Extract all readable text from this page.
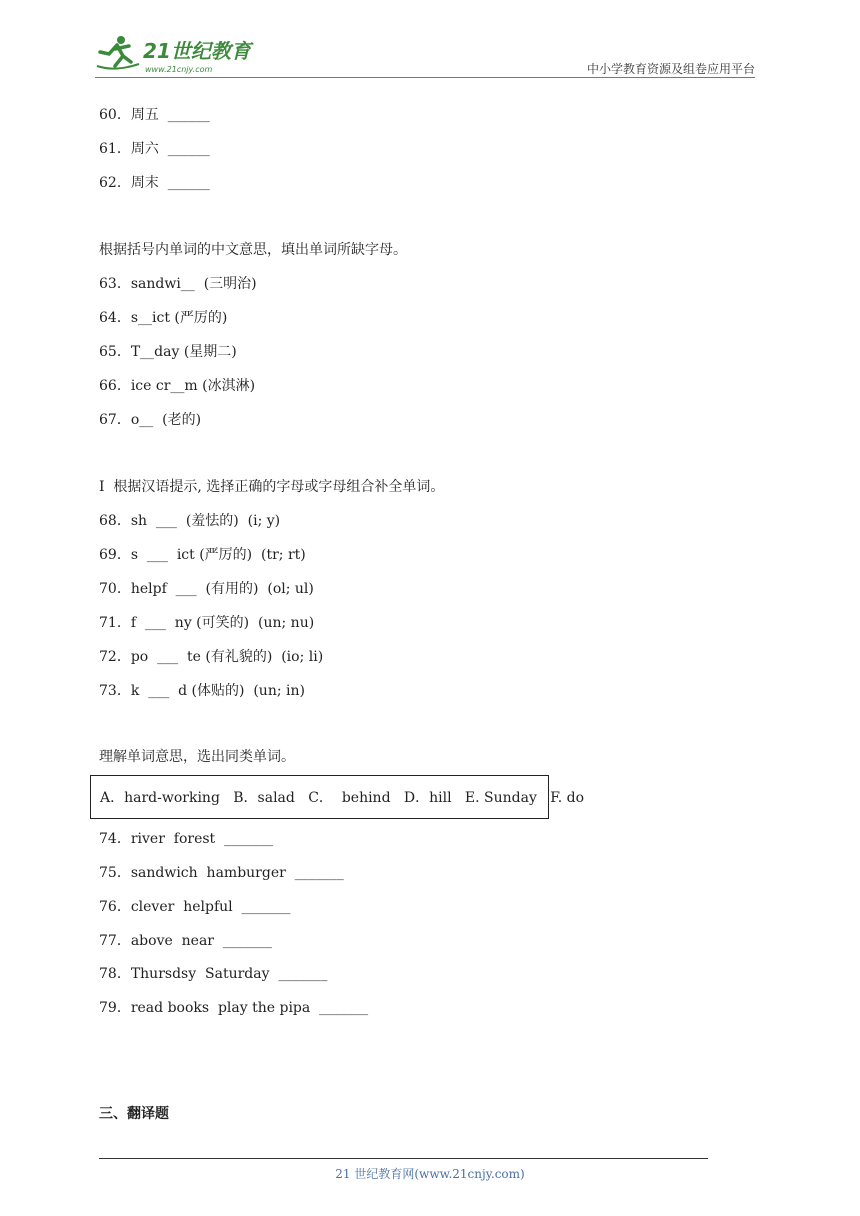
21世纪教育
www.21cnjy.com	中小学教育资源及组卷应用平台
60．周五  ______
61．周六  ______
62．周末  ______
根据括号内单词的中文意思，填出单词所缺字母。
63．sandwi__  (三明治)
64．s__ict (严厉的)
65．T__day (星期二)
66．ice cr__m (冰淇淋)
67．o__  (老的)
I  根据汉语提示, 选择正确的字母或字母组合补全单词。
68．sh  ___  (羞怯的)  (i; y)
69．s  ___  ict (严厉的)  (tr; rt)
70．helpf  ___  (有用的)  (ol; ul)
71．f  ___  ny (可笑的)  (un; nu)
72．po  ___  te (有礼貌的)  (io; li)
73．k  ___  d (体贴的)  (un; in)
理解单词意思，选出同类单词。
A．hard-working   B．salad   C．  behind   D．hill   E. Sunday   F. do
74．river  forest  _______
75．sandwich  hamburger  _______
76．clever  helpful  _______
77．above  near  _______
78．Thursdsy  Saturday  _______
79．read books  play the pipa  _______
三、翻译题
21 世纪教育网(www.21cnjy.com)
